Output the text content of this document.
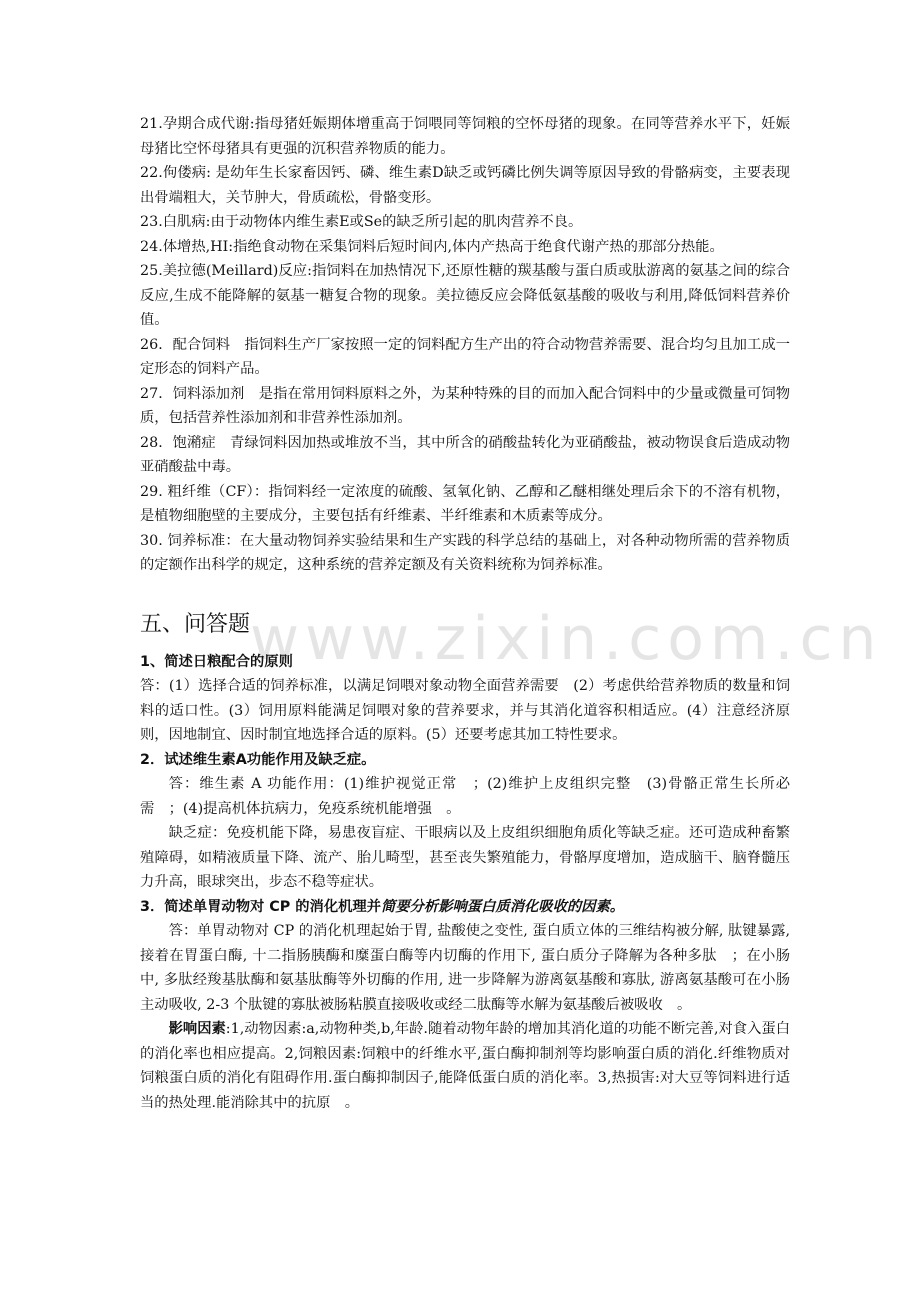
www.zixin.com.cn

21.孕期合成代谢:指母猪妊娠期体增重高于饲喂同等饲粮的空怀母猪的现象。在同等营养水平下，妊娠母猪比空怀母猪具有更强的沉积营养物质的能力。

22.佝偻病: 是幼年生长家畜因钙、磷、维生素D缺乏或钙磷比例失调等原因导致的骨骼病变，主要表现出骨端粗大，关节肿大，骨质疏松，骨骼变形。

23.白肌病:由于动物体内维生素E或Se的缺乏所引起的肌肉营养不良。

24.体增热,HI:指绝食动物在采集饲料后短时间内,体内产热高于绝食代谢产热的那部分热能。

25.美拉德(Meillard)反应:指饲料在加热情况下,还原性糖的羰基酸与蛋白质或肽游离的氨基之间的综合反应,生成不能降解的氨基一糖复合物的现象。美拉德反应会降低氨基酸的吸收与利用,降低饲料营养价值。

26．配合饲料　指饲料生产厂家按照一定的饲料配方生产出的符合动物营养需要、混合均匀且加工成一定形态的饲料产品。

27．饲料添加剂　是指在常用饲料原料之外，为某种特殊的目的而加入配合饲料中的少量或微量可饲物质，包括营养性添加剂和非营养性添加剂。

28．饱潲症　青绿饲料因加热或堆放不当，其中所含的硝酸盐转化为亚硝酸盐，被动物误食后造成动物亚硝酸盐中毒。

29. 粗纤维（CF）：指饲料经一定浓度的硫酸、氢氧化钠、乙醇和乙醚相继处理后余下的不溶有机物，是植物细胞壁的主要成分，主要包括有纤维素、半纤维素和木质素等成分。

30. 饲养标准：在大量动物饲养实验结果和生产实践的科学总结的基础上，对各种动物所需的营养物质的定额作出科学的规定，这种系统的营养定额及有关资料统称为饲养标准。

五、问答题

1、简述日粮配合的原则

答：(1）选择合适的饲养标准，以满足饲喂对象动物全面营养需要　(2）考虑供给营养物质的数量和饲料的适口性。(3）饲用原料能满足饲喂对象的营养要求，并与其消化道容积相适应。(4）注意经济原则，因地制宜、因时制宜地选择合适的原料。(5）还要考虑其加工特性要求。

2．试述维生素A功能作用及缺乏症。

答：维生素 A 功能作用：(1)维护视觉正常　；(2)维护上皮组织完整　(3)骨骼正常生长所必需　；(4)提高机体抗病力，免疫系统机能增强　。

缺乏症：免疫机能下降，易患夜盲症、干眼病以及上皮组织细胞角质化等缺乏症。还可造成种畜繁殖障碍，如精液质量下降、流产、胎儿畸型，甚至丧失繁殖能力，骨骼厚度增加，造成脑干、脑脊髓压力升高，眼球突出，步态不稳等症状。

3．简述单胃动物对 CP 的消化机理并简要分析影响蛋白质消化吸收的因素。

答：单胃动物对 CP 的消化机理起始于胃, 盐酸使之变性, 蛋白质立体的三维结构被分解, 肽键暴露, 接着在胃蛋白酶, 十二指肠胰酶和糜蛋白酶等内切酶的作用下, 蛋白质分子降解为各种多肽　；在小肠中, 多肽经羧基肽酶和氨基肽酶等外切酶的作用, 进一步降解为游离氨基酸和寡肽, 游离氨基酸可在小肠主动吸收, 2-3 个肽键的寡肽被肠粘膜直接吸收或经二肽酶等水解为氨基酸后被吸收　。

影响因素:1,动物因素:a,动物种类,b,年龄.随着动物年龄的增加其消化道的功能不断完善,对食入蛋白的消化率也相应提高。2,饲粮因素:饲粮中的纤维水平,蛋白酶抑制剂等均影响蛋白质的消化.纤维物质对饲粮蛋白质的消化有阻碍作用.蛋白酶抑制因子,能降低蛋白质的消化率。3,热损害:对大豆等饲料进行适当的热处理.能消除其中的抗原　。
